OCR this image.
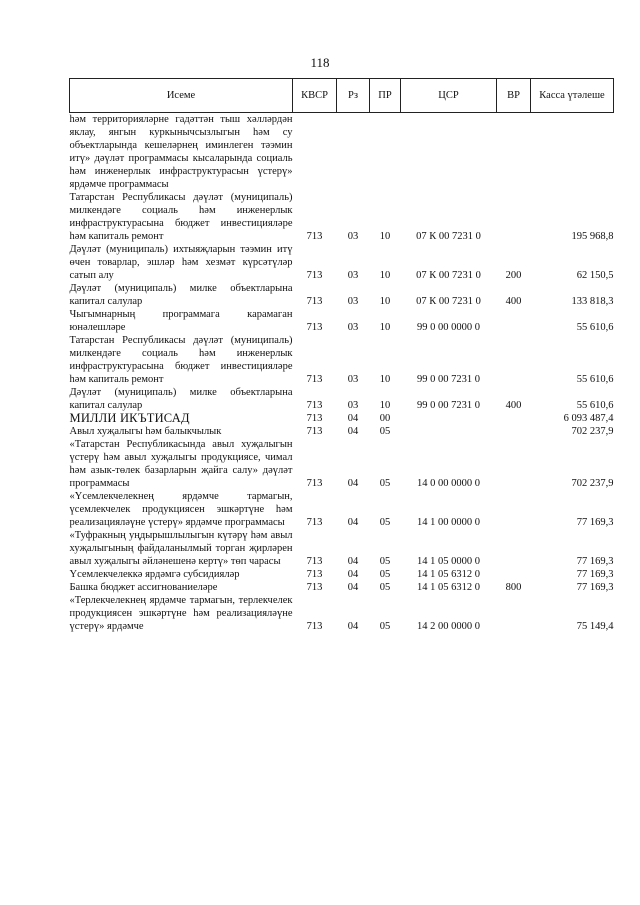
118
Исеме	КВСР	Рз	ПР	ЦСР	ВР	Касса үтәлеше
һәм территорияләрне гадәттән тыш хәлләрдән яклау, янгын куркынычсызлыгын һәм су объектларында кешеләрнең иминлеген тәэмин итү» дәүләт программасы кысаларында социаль һәм инженерлык инфраструктурасын үстерү» ярдәмче программасы						
Татарстан Республикасы дәүләт (муниципаль) милкендәге социаль һәм инженерлык инфраструктурасына бюджет инвестицияләре һәм капиталь ремонт	713	03	10	07 К 00 7231 0		195 968,8
Дәүләт (муниципаль) ихтыяҗларын тәэмин итү өчен товарлар, эшләр һәм хезмәт күрсәтүләр сатып алу	713	03	10	07 К 00 7231 0	200	62 150,5
Дәүләт (муниципаль) милке объектларына капитал салулар	713	03	10	07 К 00 7231 0	400	133 818,3
Чыгымнарның программага карамаган юнәлешләре	713	03	10	99 0 00 0000 0		55 610,6
Татарстан Республикасы дәүләт (муниципаль) милкендәге социаль һәм инженерлык инфраструктурасына бюджет инвестицияләре һәм капиталь ремонт	713	03	10	99 0 00 7231 0		55 610,6
Дәүләт (муниципаль) милке объектларына капитал салулар	713	03	10	99 0 00 7231 0	400	55 610,6
МИЛЛИ ИКЪТИСАД	713	04	00			6 093 487,4
Авыл хуҗалыгы һәм балыкчылык	713	04	05			702 237,9
«Татарстан Республикасында авыл хуҗалыгын үстерү һәм авыл хуҗалыгы продукциясе, чимал һәм азык-төлек базарларын җайга салу» дәүләт программасы	713	04	05	14 0 00 0000 0		702 237,9
«Үсемлекчелекнең ярдәмче тармагын, үсемлекчелек продукциясен эшкәртүне һәм реализацияләүне үстерү» ярдәмче программасы	713	04	05	14 1 00 0000 0		77 169,3
«Туфракның уңдырышлылыгын күтәрү һәм авыл хуҗалыгының файдаланылмый торган җирләрен авыл хуҗалыгы әйләнешенә кертү» төп чарасы	713	04	05	14 1 05 0000 0		77 169,3
Үсемлекчелеккә ярдәмгә субсидияләр	713	04	05	14 1 05 6312 0		77 169,3
Башка бюджет ассигнованиеләре	713	04	05	14 1 05 6312 0	800	77 169,3
«Терлекчелекнең ярдәмче тармагын, терлекчелек продукциясен эшкәртүне һәм реализацияләүне үстерү» ярдәмче	713	04	05	14 2 00 0000 0		75 149,4
